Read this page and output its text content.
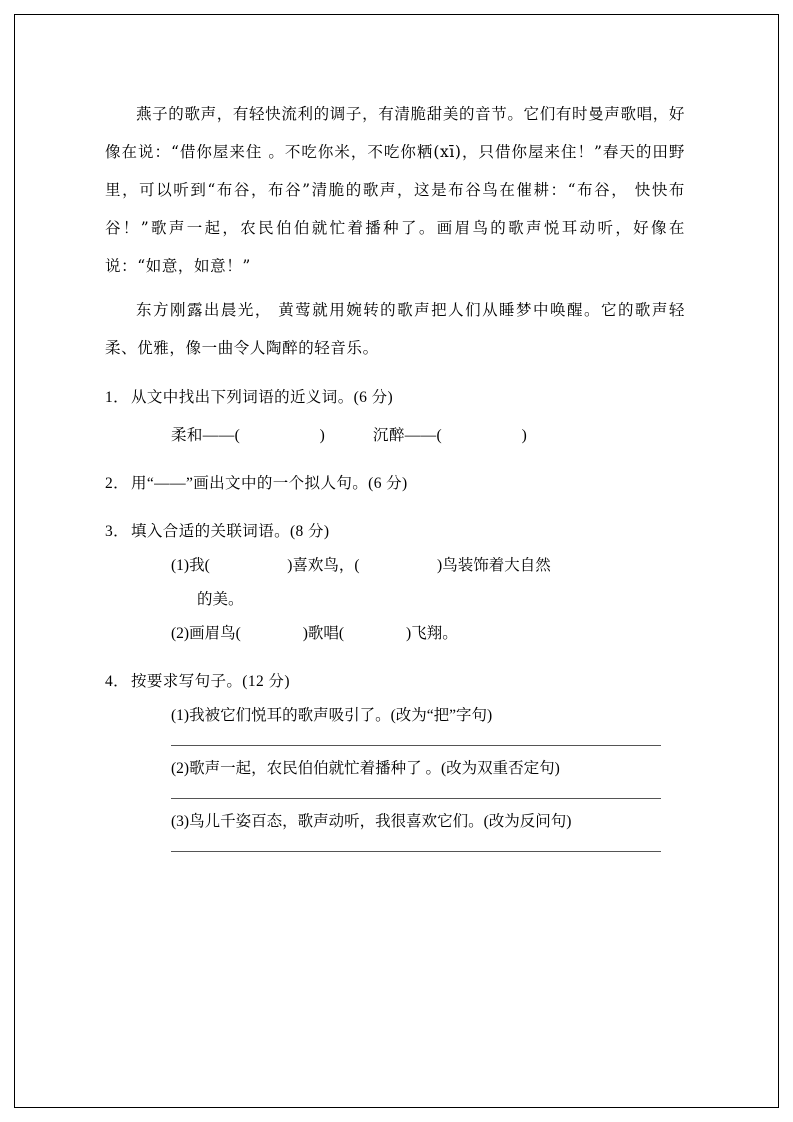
燕子的歌声，有轻快流利的调子，有清脆甜美的音节。它们有时曼声歌唱，好像在说：“借你屋来住 。不吃你米，不吃你粞(xī)，只借你屋来住！”春天的田野里，可以听到“布谷，布谷”清脆的歌声，这是布谷鸟在催耕：“布谷， 快快布谷！”歌声一起，农民伯伯就忙着播种了。画眉鸟的歌声悦耳动听，好像在说：“如意，如意！”

东方刚露出晨光， 黄莺就用婉转的歌声把人们从睡梦中唤醒。它的歌声轻柔、优雅，像一曲令人陶醉的轻音乐。

1． 从文中找出下列词语的近义词。(6 分)
柔和——(　　　　　)　　　沉醉——(　　　　　)
2． 用“——”画出文中的一个拟人句。(6 分)
3． 填入合适的关联词语。(8 分)
(1)我(　　　　　)喜欢鸟，(　　　　　)鸟装饰着大自然
的美。
(2)画眉鸟(　　　　)歌唱(　　　　)飞翔。
4． 按要求写句子。(12 分)
(1)我被它们悦耳的歌声吸引了。(改为“把”字句)
(2)歌声一起，农民伯伯就忙着播种了 。(改为双重否定句)
(3)鸟儿千姿百态，歌声动听，我很喜欢它们。(改为反问句)
